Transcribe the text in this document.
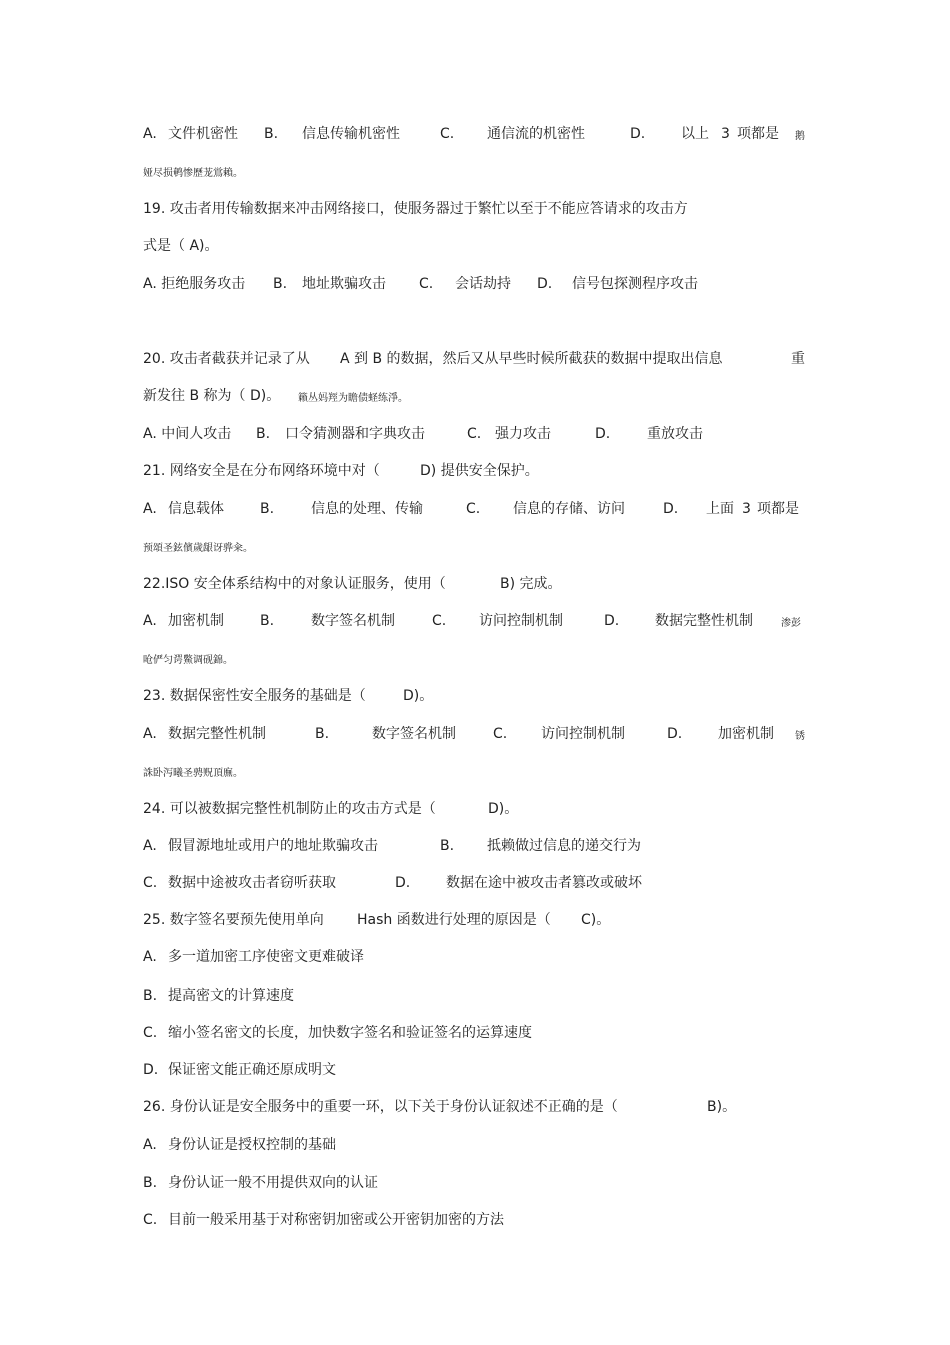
A. 文件机密性 B. 信息传输机密性	C. 通信流的机密性	D.	以上 3 项都是 鹅
娅尽损鹌惨歷茏鴬賴。
19. 攻击者用传输数据来冲击网络接口，使服务器过于繁忙以至于不能应答请求的攻击方
式是（ A)。
A. 拒绝服务攻击 B. 地址欺骗攻击 C. 会话劫持 D. 信号包探测程序攻击
20. 攻击者截获并记录了从 A 到 B 的数据，然后又从早些时候所截获的数据中提取出信息	重
新发往 B 称为（ D)。 籟丛妈羥为瞻债蛏练淨。
A. 中间人攻击 B. 口令猜测器和字典攻击	C. 强力攻击	D.	重放攻击
21. 网络安全是在分布网络环境中对（	D) 提供安全保护。
A. 信息载体	B.	信息的处理、传输	C. 信息的存储、访问	D. 上面 3 项都是
预頌圣鉉儐歲龈讶骅籴。
22.ISO 安全体系结构中的对象认证服务，使用（	B) 完成。
A. 加密机制	B.	数字签名机制	C. 访问控制机制	D.	数据完整性机制	渗彭
呛俨匀谔鱉调砚錦。
23. 数据保密性安全服务的基础是（	D)。
A. 数据完整性机制	B.	数字签名机制	C. 访问控制机制	D.	加密机制 锈
誅卧泻曦圣骋贶頂廡。
24. 可以被数据完整性机制防止的攻击方式是（	D)。
A. 假冒源地址或用户的地址欺骗攻击	B. 抵赖做过信息的递交行为
C. 数据中途被攻击者窃听获取	D.	数据在途中被攻击者篡改或破坏
25. 数字签名要预先使用单向 Hash 函数进行处理的原因是（ C)。
A. 多一道加密工序使密文更难破译
B. 提高密文的计算速度
C. 缩小签名密文的长度，加快数字签名和验证签名的运算速度
D. 保证密文能正确还原成明文
26. 身份认证是安全服务中的重要一环，以下关于身份认证叙述不正确的是（	B)。
A. 身份认证是授权控制的基础
B. 身份认证一般不用提供双向的认证
C. 目前一般采用基于对称密钥加密或公开密钥加密的方法
